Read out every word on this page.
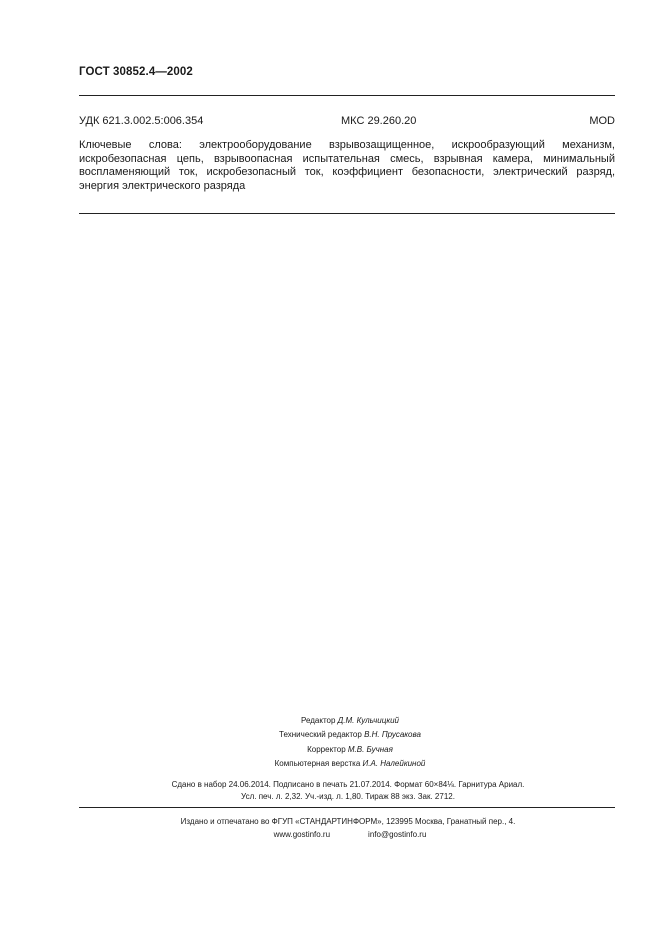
ГОСТ 30852.4—2002
УДК 621.3.002.5:006.354	МКС 29.260.20	MOD
Ключевые слова: электрооборудование взрывозащищенное, искрообразующий механизм, искробезопасная цепь, взрывоопасная испытательная смесь, взрывная камера, минимальный воспламеняющий ток, искробезопасный ток, коэффициент безопасности, электрический разряд, энергия электрического разряда
Редактор Д.М. Кульчицкий
Технический редактор В.Н. Прусакова
Корректор М.В. Бучная
Компьютерная верстка И.А. Налейкиной
Сдано в набор 24.06.2014. Подписано в печать 21.07.2014. Формат 60×84⅛. Гарнитура Ариал.
Усл. печ. л. 2,32. Уч.-изд. л. 1,80. Тираж 88 экз. Зак. 2712.
Издано и отпечатано во ФГУП «СТАНДАРТИНФОРМ», 123995 Москва, Гранатный пер., 4.
www.gostinfo.ru	info@gostinfo.ru
